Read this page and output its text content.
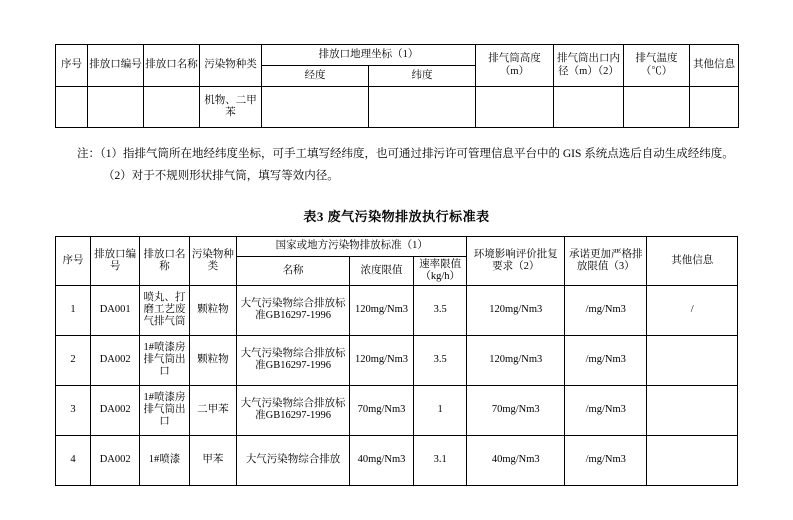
序号	排放口编号	排放口名称	污染物种类	排放口地理坐标（1）		排气筒高度（m）	排气筒出口内径（m）（2）	排气温度（℃）	其他信息
				经度	纬度				
			机物、二甲苯						
注：（1）指排气筒所在地经纬度坐标，可手工填写经纬度，也可通过排污许可管理信息平台中的 GIS 系统点选后自动生成经纬度。
（2）对于不规则形状排气筒，填写等效内径。
表3 废气污染物排放执行标准表
序号	排放口编号	排放口名称	污染物种类	国家或地方污染物排放标准（1）			环境影响评价批复要求（2）	承诺更加严格排放限值（3）	其他信息
				名称	浓度限值	速率限值（kg/h）			
1	DA001	喷丸、打磨工艺废气排气筒	颗粒物	大气污染物综合排放标准GB16297-1996	120mg/Nm3	3.5	120mg/Nm3	/mg/Nm3	/
2	DA002	1#喷漆房排气筒出口	颗粒物	大气污染物综合排放标准GB16297-1996	120mg/Nm3	3.5	120mg/Nm3	/mg/Nm3	
3	DA002	1#喷漆房排气筒出口	二甲苯	大气污染物综合排放标准GB16297-1996	70mg/Nm3	1	70mg/Nm3	/mg/Nm3	
4	DA002	1#喷漆	甲苯	大气污染物综合排放	40mg/Nm3	3.1	40mg/Nm3	/mg/Nm3	
